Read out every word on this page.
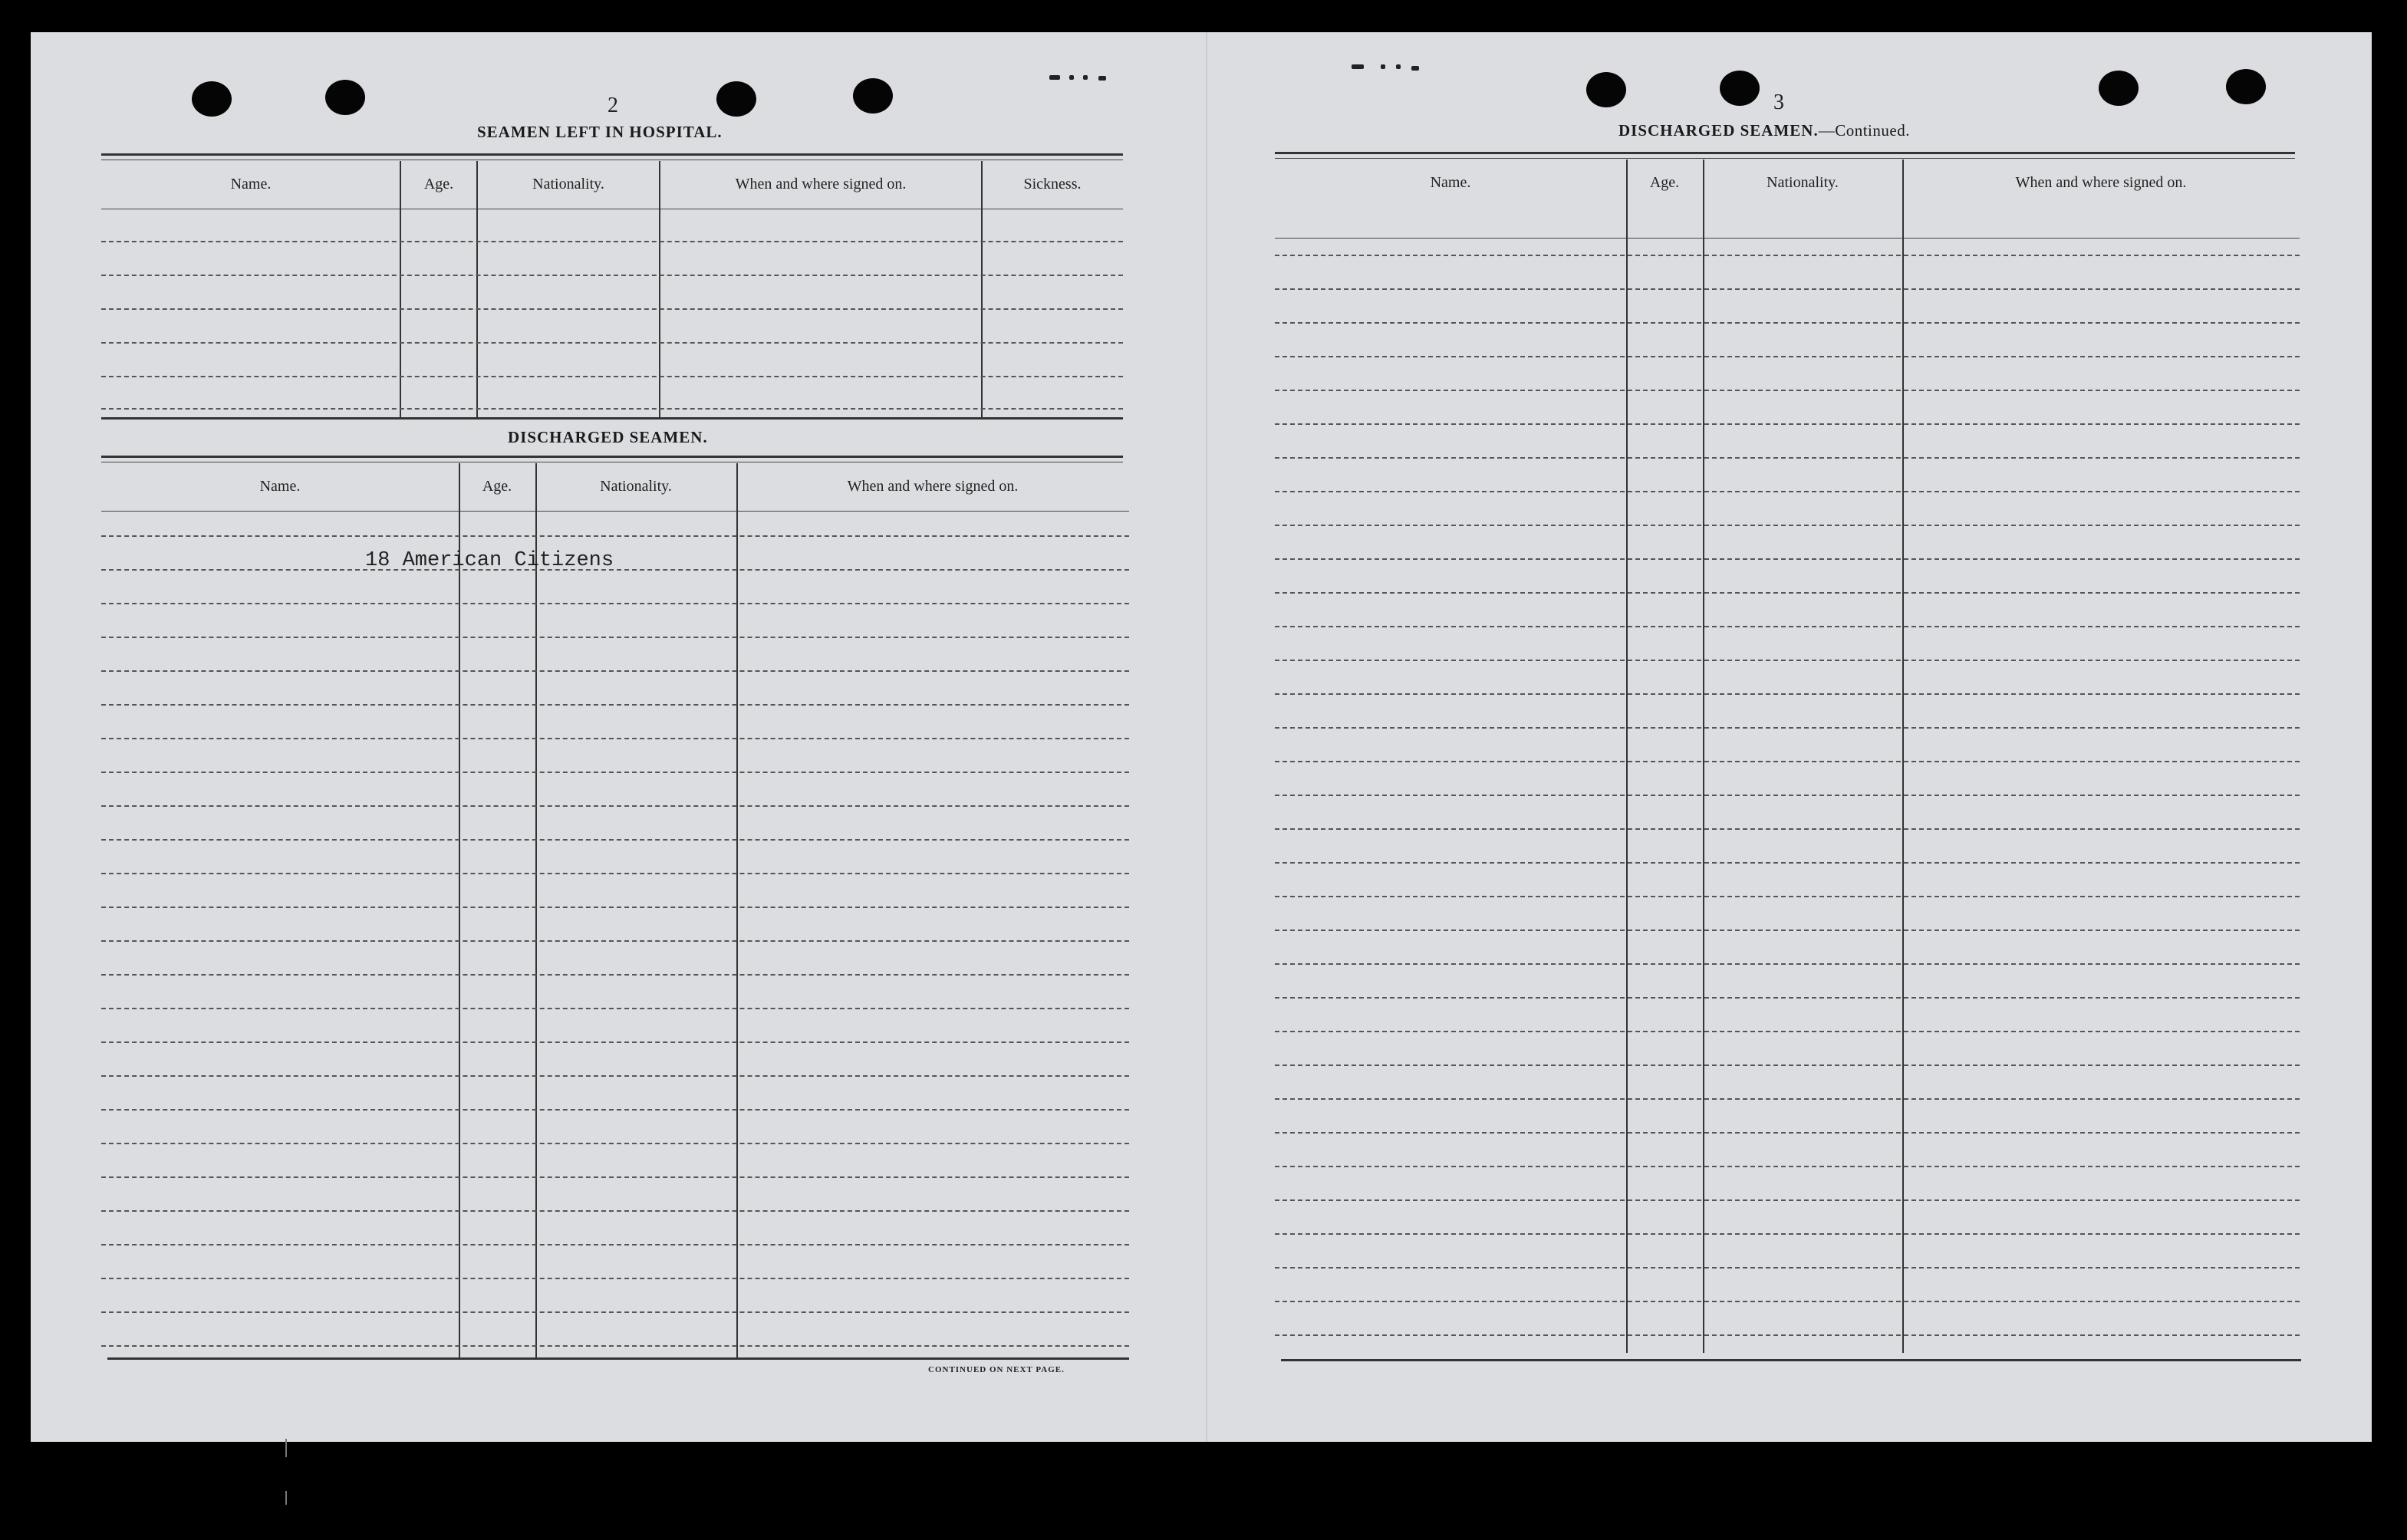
2
SEAMEN LEFT IN HOSPITAL.
Name.	Age.	Nationality.	When and where signed on.	Sickness.
DISCHARGED SEAMEN.
Name.	Age.	Nationality.	When and where signed on.
18 American Citizens
CONTINUED ON NEXT PAGE.
3
DISCHARGED SEAMEN.—Continued.
Name.	Age.	Nationality.	When and where signed on.
